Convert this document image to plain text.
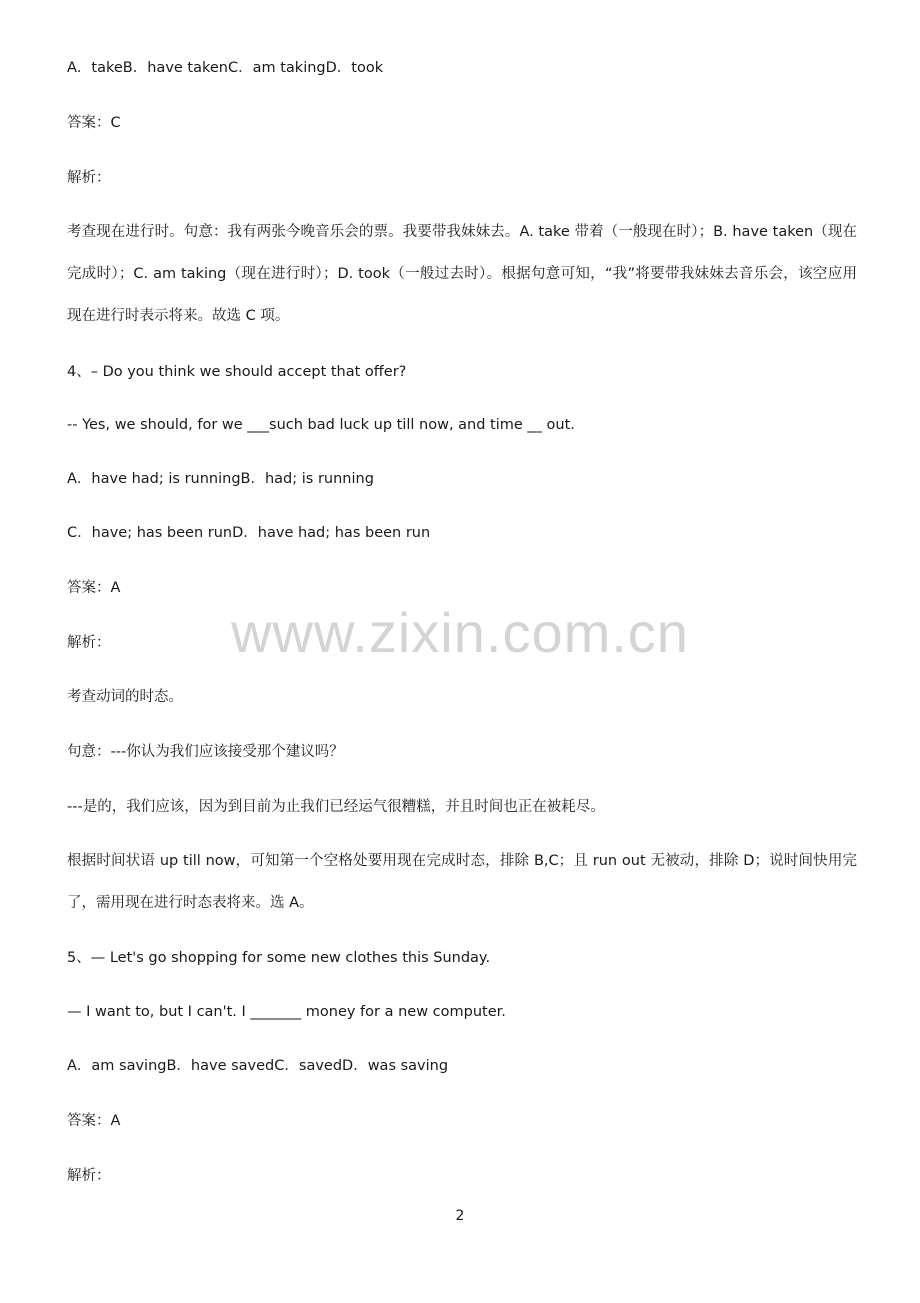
A．takeB．have takenC．am takingD．took
答案：C
解析：
考查现在进行时。句意：我有两张今晚音乐会的票。我要带我妹妹去。A. take 带着（一般现在时）；B. have taken（现在完成时）；C. am taking（现在进行时）；D. took（一般过去时）。根据句意可知，“我”将要带我妹妹去音乐会，该空应用现在进行时表示将来。故选 C 项。
4、– Do you think we should accept that offer?
-- Yes, we should, for we ___such bad luck up till now, and time __ out.
A．have had; is runningB．had; is running
C．have; has been runD．have had; has been run
答案：A
解析：
考查动词的时态。
句意：---你认为我们应该接受那个建议吗？
---是的，我们应该，因为到目前为止我们已经运气很糟糕，并且时间也正在被耗尽。
根据时间状语 up till now，可知第一个空格处要用现在完成时态，排除 B,C；且 run out 无被动，排除 D；说时间快用完了，需用现在进行时态表将来。选 A。
5、— Let's go shopping for some new clothes this Sunday.
— I want to, but I can't. I _______ money for a new computer.
A．am savingB．have savedC．savedD．was saving
答案：A
解析：
www.zixin.com.cn
2
